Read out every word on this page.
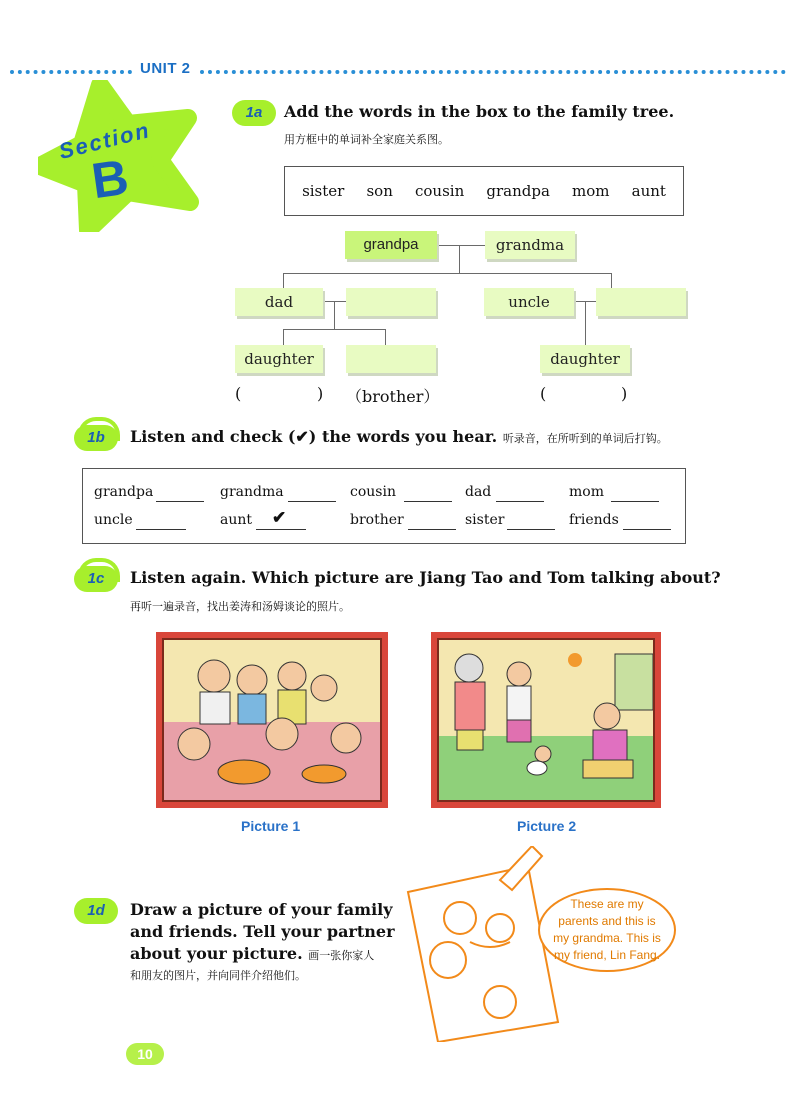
UNIT 2
Section
B
1a	Add the words in the box to the family tree.
用方框中的单词补全家庭关系图。
sister son cousin grandpa mom aunt
grandpa	grandma
dad	uncle
daughter	daughter
(	) （brother）	(	)
1b	Listen and check (✔) the words you hear. 听录音，在所听到的单词后打钩。
grandpa	grandma	cousin	dad	mom
uncle	aunt ✔	brother	sister	friends
1c	Listen again. Which picture are Jiang Tao and Tom talking about?
再听一遍录音，找出姜涛和汤姆谈论的照片。
Picture 1	Picture 2
1d	Draw a picture of your family
and friends. Tell your partner
about your picture. 画一张你家人
和朋友的图片，并向同伴介绍他们。
These are my
parents and this is
my grandma. This is
my friend, Lin Fang.
10
